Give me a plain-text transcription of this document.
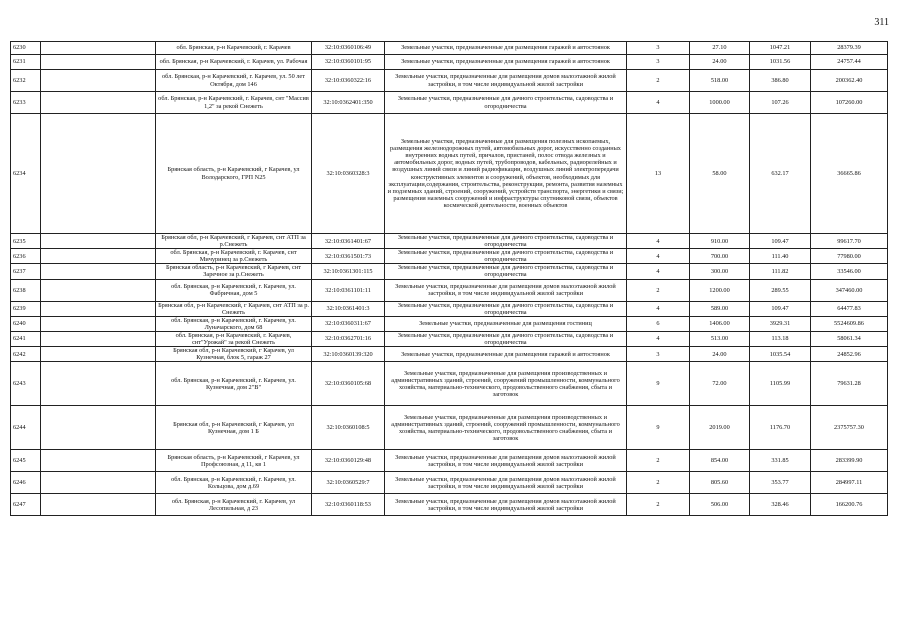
311
6230		обл. Брянская, р-н Карачевский, г. Карачев	32:10:0360106:49	Земельные участки, предназначенные для размещения гаражей и автостоянок	3	27.10	1047.21	28379.39
6231		обл. Брянская, р-н Карачевский, г. Карачев, ул. Рабочая	32:10:0360101:95	Земельные участки, предназначенные для размещения гаражей и автостоянок	3	24.00	1031.56	24757.44
6232		обл. Брянская, р-н Карачевский, г. Карачев, ул. 50 лет Октября, дом 146	32:10:0360322:16	Земельные участки, предназначенные для размещения домов малоэтажной жилой застройки, в том числе индивидуальной жилой застройки	2	518.00	386.80	200362.40
6233		обл. Брянская, р-н Карачевский, г. Карачев, снт "Массив 1,2" за рекой Снежеть	32:10:0362401:350	Земельные участки, предназначенные для дачного строительства, садоводства и огородничества	4	1000.00	107.26	107260.00
6234		Брянская область, р-н Карачевский, г Карачев, ул Володарского, ГРП N25	32:10:0360328:3	Земельные участки, предназначенные для размещения полезных ископаемых, размещения железнодорожных путей, автомобильных дорог, искусственно созданных внутренних водных путей, причалов, пристаней, полос отвода железных и автомобильных дорог, водных путей, трубопроводов, кабельных, радиорелейных и воздушных линий связи и линий радиофикации, воздушных линий электропередачи конструктивных элементов и сооружений, объектов, необходимых для эксплуатации,содержания, строительства, реконструкции, ремонта, развития наземных и подземных зданий, строений, сооружений, устройств транспорта, энергетики и связи; размещения наземных сооружений и инфраструктуры спутниковой связи, объектов космической деятельности, военных объектов	13	58.00	632.17	36665.86
6235		Брянская обл, р-н Карачевский, г Карачев, снт АТП за р.Снежеть	32:10:0361401:67	Земельные участки, предназначенные для дачного строительства, садоводства и огородничества	4	910.00	109.47	99617.70
6236		обл. Брянская, р-н Карачевский, г. Карачев, снт Мичуринец за р.Снежеть	32:10:0361501:73	Земельные участки, предназначенные для дачного строительства, садоводства и огородничества	4	700.00	111.40	77980.00
6237		Брянская область, р-н Карачевский, г Карачев, снт Заречное за р.Снежеть	32:10:0361301:115	Земельные участки, предназначенные для дачного строительства, садоводства и огородничества	4	300.00	111.82	33546.00
6238		обл. Брянская, р-н Карачевский, г. Карачев, ул. Фабричная, дом 5	32:10:0361101:11	Земельные участки, предназначенные для размещения домов малоэтажной жилой застройки, в том числе индивидуальной жилой застройки	2	1200.00	289.55	347460.00
6239		Брянская обл, р-н Карачевский, г Карачев, снт АТП за р. Снежеть	32:10:0361401:3	Земельные участки, предназначенные для дачного строительства, садоводства и огородничества	4	589.00	109.47	64477.83
6240		обл. Брянская, р-н Карачевский, г. Карачев, ул. Луначарского, дом 68	32:10:0360311:67	Земельные участки, предназначенные для размещения гостиниц	6	1406.00	3929.31	5524609.86
6241		обл. Брянская, р-н Карачевский, г. Карачев, снт"Урожай" за рекой Снежеть	32:10:0362701:16	Земельные участки, предназначенные для дачного строительства, садоводства и огородничества	4	513.00	113.18	58061.34
6242		Брянская обл, р-н Карачевский, г Карачев, ул Кузнечная, блок 5, гараж 27	32:10:0360139:320	Земельные участки, предназначенные для размещения гаражей и автостоянок	3	24.00	1035.54	24852.96
6243		обл. Брянская, р-н Карачевский, г. Карачев, ул. Кузнечная, дом 2"В"	32:10:0360105:68	Земельные участки, предназначенные для размещения производственных и административных зданий, строений, сооружений промышленности, коммунального хозяйства, материально-технического, продовольственного снабжения, сбыта и заготовок	9	72.00	1105.99	79631.28
6244		Брянская обл, р-н Карачевский, г Карачев, ул Кузнечная, дом 1 Б	32:10:0360108:5	Земельные участки, предназначенные для размещения производственных и административных зданий, строений, сооружений промышленности, коммунального хозяйства, материально-технического, продовольственного снабжения, сбыта и заготовок	9	2019.00	1176.70	2375757.30
6245		Брянская область, р-н Карачевский, г Карачев, ул Профсоюзная, д 11, кв 1	32:10:0360129:48	Земельные участки, предназначенные для размещения домов малоэтажной жилой застройки, в том числе индивидуальной жилой застройки	2	854.00	331.85	283399.90
6246		обл. Брянская, р-н Карачевский, г. Карачев, ул. Кольцова, дом д.69	32:10:0360529:7	Земельные участки, предназначенные для размещения домов малоэтажной жилой застройки, в том числе индивидуальной жилой застройки	2	805.60	353.77	284997.11
6247		обл. Брянская, р-н Карачевский, г. Карачев, ул Лесопильная, д 23	32:10:0360118:53	Земельные участки, предназначенные для размещения домов малоэтажной жилой застройки, в том числе индивидуальной жилой застройки	2	506.00	328.46	166200.76
